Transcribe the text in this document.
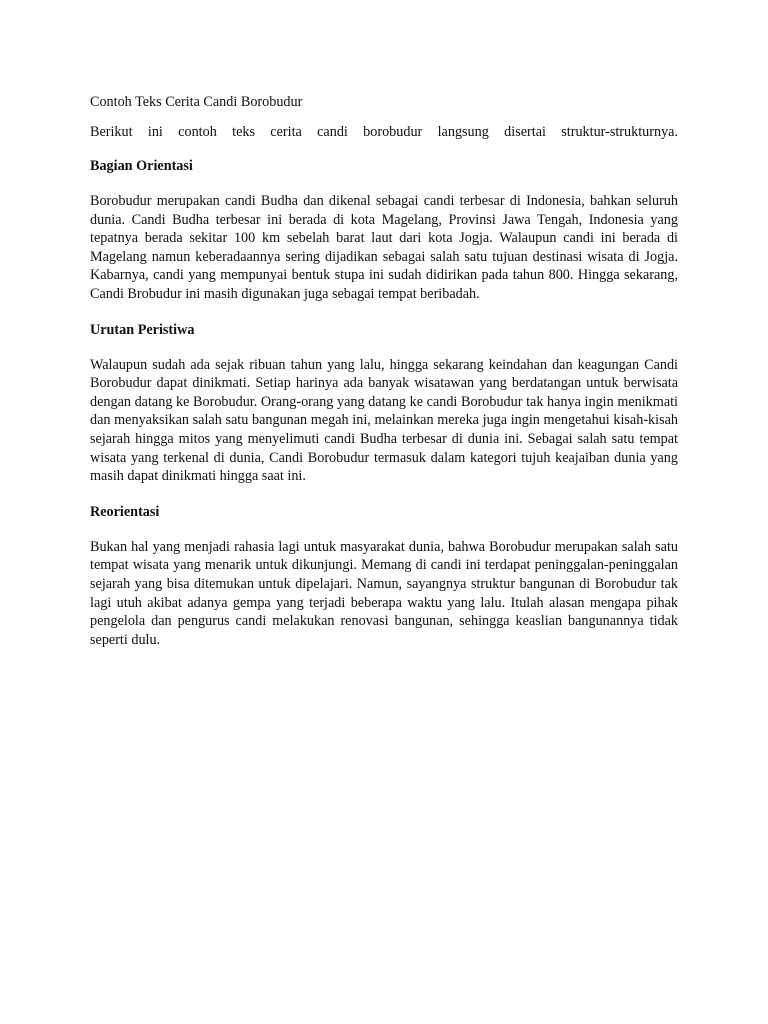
Contoh Teks Cerita Candi Borobudur
Berikut ini contoh teks cerita candi borobudur langsung disertai struktur-strukturnya.
Bagian Orientasi
Borobudur merupakan candi Budha dan dikenal sebagai candi terbesar di Indonesia, bahkan seluruh dunia. Candi Budha terbesar ini berada di kota Magelang, Provinsi Jawa Tengah, Indonesia yang tepatnya berada sekitar 100 km sebelah barat laut dari kota Jogja. Walaupun candi ini berada di Magelang namun keberadaannya sering dijadikan sebagai salah satu tujuan destinasi wisata di Jogja. Kabarnya, candi yang mempunyai bentuk stupa ini sudah didirikan pada tahun 800. Hingga sekarang, Candi Brobudur ini masih digunakan juga sebagai tempat beribadah.
Urutan Peristiwa
Walaupun sudah ada sejak ribuan tahun yang lalu, hingga sekarang keindahan dan keagungan Candi Borobudur dapat dinikmati. Setiap harinya ada banyak wisatawan yang berdatangan untuk berwisata dengan datang ke Borobudur. Orang-orang yang datang ke candi Borobudur tak hanya ingin menikmati dan menyaksikan salah satu bangunan megah ini, melainkan mereka juga ingin mengetahui kisah-kisah sejarah hingga mitos yang menyelimuti candi Budha terbesar di dunia ini. Sebagai salah satu tempat wisata yang terkenal di dunia, Candi Borobudur termasuk dalam kategori tujuh keajaiban dunia yang masih dapat dinikmati hingga saat ini.
Reorientasi
Bukan hal yang menjadi rahasia lagi untuk masyarakat dunia, bahwa Borobudur merupakan salah satu tempat wisata yang menarik untuk dikunjungi. Memang di candi ini terdapat peninggalan-peninggalan sejarah yang bisa ditemukan untuk dipelajari. Namun, sayangnya struktur bangunan di Borobudur tak lagi utuh akibat adanya gempa yang terjadi beberapa waktu yang lalu. Itulah alasan mengapa pihak pengelola dan pengurus candi melakukan renovasi bangunan, sehingga keaslian bangunannya tidak seperti dulu.
